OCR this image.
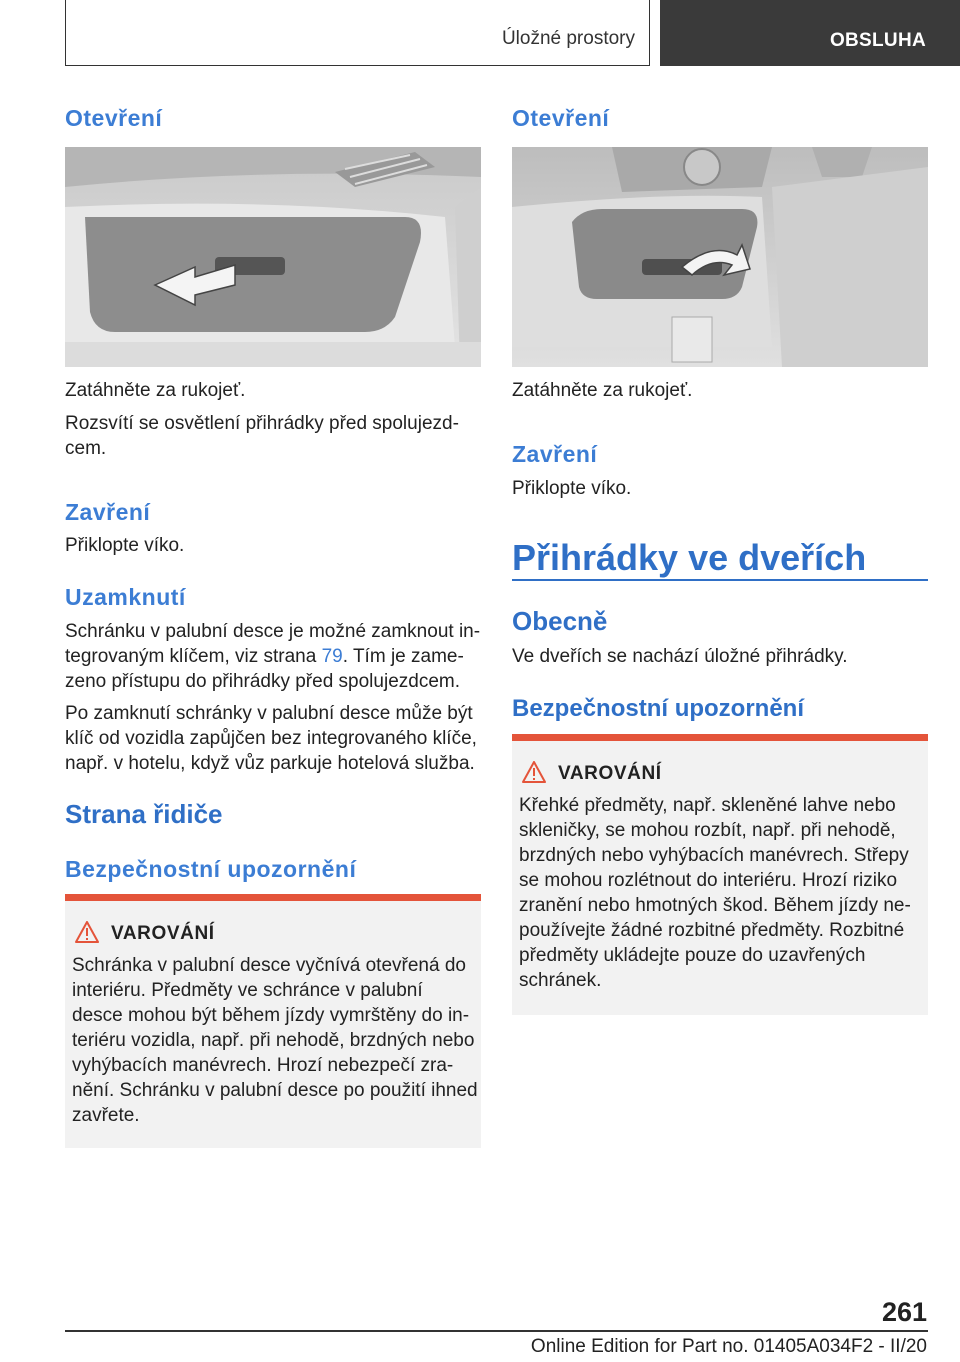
Úložné prostory	OBSLUHA
Otevření
Zatáhněte za rukojeť.
Rozsvítí se osvětlení přihrádky před spolujezd‐
cem.
Zavření
Přiklopte víko.
Uzamknutí
Schránku v palubní desce je možné zamknout in‐
tegrovaným klíčem, viz strana 79. Tím je zame‐
zeno přístupu do přihrádky před spolujezdcem.
Po zamknutí schránky v palubní desce může být
klíč od vozidla zapůjčen bez integrovaného klíče,
např. v hotelu, když vůz parkuje hotelová služba.
Strana řidiče
Bezpečnostní upozornění
VAROVÁNÍ
Schránka v palubní desce vyčnívá otevřená do
interiéru. Předměty ve schránce v palubní
desce mohou být během jízdy vymrštěny do in‐
teriéru vozidla, např. při nehodě, brzdných nebo
vyhýbacích manévrech. Hrozí nebezpečí zra‐
nění. Schránku v palubní desce po použití ihned
zavřete.
Otevření
Zatáhněte za rukojeť.
Zavření
Přiklopte víko.
Přihrádky ve dveřích
Obecně
Ve dveřích se nachází úložné přihrádky.
Bezpečnostní upozornění
VAROVÁNÍ
Křehké předměty, např. skleněné lahve nebo
skleničky, se mohou rozbít, např. při nehodě,
brzdných nebo vyhýbacích manévrech. Střepy
se mohou rozlétnout do interiéru. Hrozí riziko
zranění nebo hmotných škod. Během jízdy ne‐
používejte žádné rozbitné předměty. Rozbitné
předměty ukládejte pouze do uzavřených
schránek.
261
Online Edition for Part no. 01405A034F2 - II/20
